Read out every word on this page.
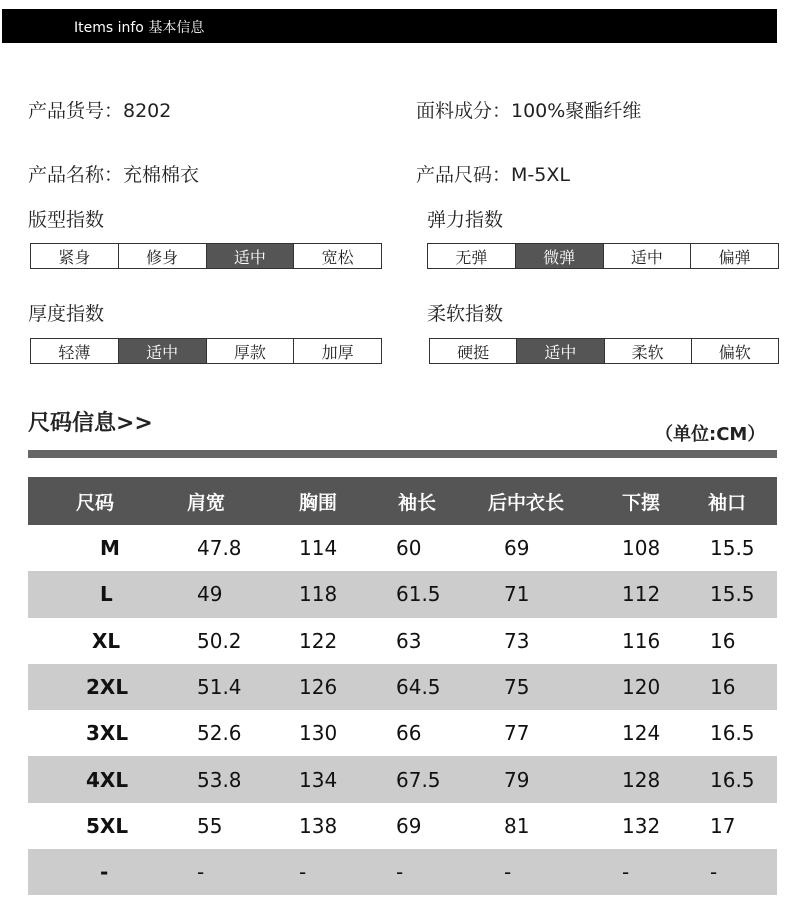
Items info 基本信息
产品货号：8202	面料成分：100%聚酯纤维
产品名称：充棉棉衣	产品尺码：M-5XL
版型指数
紧身	修身	适中	宽松
弹力指数
无弹	微弹	适中	偏弹
厚度指数
轻薄	适中	厚款	加厚
柔软指数
硬挺	适中	柔软	偏软
尺码信息>>	（单位:CM）
尺码	肩宽	胸围	袖长	后中衣长	下摆	袖口
M	47.8	114	60	69	108	15.5
L	49	118	61.5	71	112	15.5
XL	50.2	122	63	73	116	16
2XL	51.4	126	64.5	75	120	16
3XL	52.6	130	66	77	124	16.5
4XL	53.8	134	67.5	79	128	16.5
5XL	55	138	69	81	132	17
-	-	-	-	-	-	-
